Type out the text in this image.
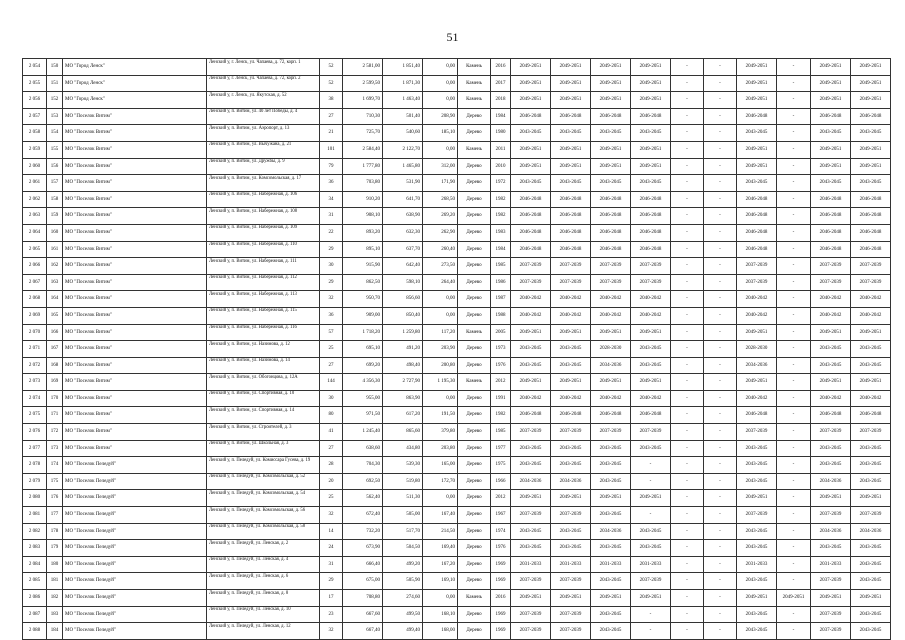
51
2 054	150	МО "Город Ленск"	Ленский у, г. Ленск, ул. Чапаева, д. 72, корп. 1	52	2 581,00	1 851,40	0,00	Камень	2016	2049-2051	2049-2051	2049-2051	2049-2051	-	-	2049-2051	-	2049-2051	2049-2051
2 055	151	МО "Город Ленск"	Ленский у, г. Ленск, ул. Чапаева, д. 72, корп. 2	52	2 599,50	1 871,30	0,00	Камень	2017	2049-2051	2049-2051	2049-2051	2049-2051	-	-	2049-2051	-	2049-2051	2049-2051
2 056	152	МО "Город Ленск"	Ленский у, г. Ленск, ул. Якутская, д. 52	38	1 699,70	1 463,40	0,00	Камень	2018	2049-2051	2049-2051	2049-2051	2049-2051	-	-	2049-2051	-	2049-2051	2049-2051
2 057	153	МО "Поселок Витим"	Ленский у, п. Витим, ул. 40 лет Победы, д. 4	27	710,30	501,40	208,90	Дерево	1984	2046-2048	2046-2048	2046-2048	2046-2048	-	-	2046-2048	-	2046-2048	2046-2048
2 058	154	МО "Поселок Витим"	Ленский у, п. Витим, ул. Аэропорт, д. 13	21	725,70	540,60	185,10	Дерево	1980	2043-2045	2043-2045	2043-2045	2043-2045	-	-	2043-2045	-	2043-2045	2043-2045
2 059	155	МО "Поселок Витим"	Ленский у, п. Витим, ул. Вычужана, д. 21	101	2 584,40	2 122,70	0,00	Камень	2011	2049-2051	2049-2051	2049-2051	2049-2051	-	-	2049-2051	-	2049-2051	2049-2051
2 060	156	МО "Поселок Витим"	Ленский у, п. Витим, ул. Дружбы, д. 9	79	1 777,80	1 465,80	312,00	Дерево	2010	2049-2051	2049-2051	2049-2051	2049-2051	-	-	2049-2051	-	2049-2051	2049-2051
2 061	157	МО "Поселок Витим"	Ленский у, п. Витим, ул. Комсомольская, д. 17	36	703,80	531,90	171,90	Дерево	1972	2043-2045	2043-2045	2043-2045	2043-2045	-	-	2043-2045	-	2043-2045	2043-2045
2 062	158	МО "Поселок Витим"	Ленский у, п. Витим, ул. Набережная, д. 106	34	910,20	641,70	268,50	Дерево	1982	2046-2048	2046-2048	2046-2048	2046-2048	-	-	2046-2048	-	2046-2048	2046-2048
2 063	159	МО "Поселок Витим"	Ленский у, п. Витим, ул. Набережная, д. 108	31	908,10	638,90	269,20	Дерево	1982	2046-2048	2046-2048	2046-2048	2046-2048	-	-	2046-2048	-	2046-2048	2046-2048
2 064	160	МО "Поселок Витим"	Ленский у, п. Витим, ул. Набережная, д. 109	22	893,20	632,30	262,90	Дерево	1983	2046-2048	2046-2048	2046-2048	2046-2048	-	-	2046-2048	-	2046-2048	2046-2048
2 065	161	МО "Поселок Витим"	Ленский у, п. Витим, ул. Набережная, д. 110	29	895,10	637,70	260,40	Дерево	1984	2046-2048	2046-2048	2046-2048	2046-2048	-	-	2046-2048	-	2046-2048	2046-2048
2 066	162	МО "Поселок Витим"	Ленский у, п. Витим, ул. Набережная, д. 111	30	915,90	642,40	273,50	Дерево	1985	2037-2039	2037-2039	2037-2039	2037-2039	-	-	2037-2039	-	2037-2039	2037-2039
2 067	163	МО "Поселок Витим"	Ленский у, п. Витим, ул. Набережная, д. 112	29	862,50	598,10	264,40	Дерево	1986	2037-2039	2037-2039	2037-2039	2037-2039	-	-	2037-2039	-	2037-2039	2037-2039
2 068	164	МО "Поселок Витим"	Ленский у, п. Витим, ул. Набережная, д. 113	32	950,70	856,60	0,00	Дерево	1987	2040-2042	2040-2042	2040-2042	2040-2042	-	-	2040-2042	-	2040-2042	2040-2042
2 069	165	МО "Поселок Витим"	Ленский у, п. Витим, ул. Набережная, д. 115	36	909,00	850,40	0,00	Дерево	1988	2040-2042	2040-2042	2040-2042	2040-2042	-	-	2040-2042	-	2040-2042	2040-2042
2 070	166	МО "Поселок Витим"	Ленский у, п. Витим, ул. Набережная, д. 116	57	1 718,20	1 259,80	117,20	Камень	2005	2049-2051	2049-2051	2049-2051	2049-2051	-	-	2049-2051	-	2049-2051	2049-2051
2 071	167	МО "Поселок Витим"	Ленский у, п. Витим, ул. Назимова, д. 12	25	695,10	491,20	203,90	Дерево	1973	2043-2045	2043-2045	2028-2030	2043-2045	-	-	2028-2030	-	2043-2045	2043-2045
2 072	168	МО "Поселок Витим"	Ленский у, п. Витим, ул. Назимова, д. 14	27	699,20	498,40	200,80	Дерево	1976	2043-2045	2043-2045	2034-2036	2043-2045	-	-	2034-2036	-	2043-2045	2043-2045
2 073	169	МО "Поселок Витим"	Ленский у, п. Витим, ул. Обогонцова, д. 12А	144	4 356,30	2 727,90	1 195,30	Камень	2012	2049-2051	2049-2051	2049-2051	2049-2051	-	-	2049-2051	-	2049-2051	2049-2051
2 074	170	МО "Поселок Витим"	Ленский у, п. Витим, ул. Спортивная, д. 10	30	955,00	863,90	0,00	Дерево	1991	2040-2042	2040-2042	2040-2042	2040-2042	-	-	2040-2042	-	2040-2042	2040-2042
2 075	171	МО "Поселок Витим"	Ленский у, п. Витим, ул. Спортивная, д. 14	80	971,50	617,20	191,50	Дерево	1982	2046-2048	2046-2048	2046-2048	2046-2048	-	-	2046-2048	-	2046-2048	2046-2048
2 076	172	МО "Поселок Витим"	Ленский у, п. Витим, ул. Строителей, д. 3	41	1 245,40	865,60	379,80	Дерево	1985	2037-2039	2037-2039	2037-2039	2037-2039	-	-	2037-2039	-	2037-2039	2037-2039
2 077	173	МО "Поселок Витим"	Ленский у, п. Витим, ул. Школьная, д. 3	27	638,60	434,80	203,80	Дерево	1977	2043-2045	2043-2045	2043-2045	2043-2045	-	-	2043-2045	-	2043-2045	2043-2045
2 078	174	МО "Поселок Пеледуй"	Ленский у, п. Пеледуй, ул. Комиссара Гусева, д. 19	28	704,30	539,30	165,00	Дерево	1975	2043-2045	2043-2045	2043-2045	-	-	-	2043-2045	-	2043-2045	2043-2045
2 079	175	МО "Поселок Пеледуй"	Ленский у, п. Пеледуй, ул. Комсомольская, д. 52	20	692,50	519,80	172,70	Дерево	1966	2034-2036	2034-2036	2043-2045	-	-	-	2043-2045	-	2034-2036	2043-2045
2 080	176	МО "Поселок Пеледуй"	Ленский у, п. Пеледуй, ул. Комсомольская, д. 54	25	562,40	511,30	0,00	Дерево	2012	2049-2051	2049-2051	2049-2051	2049-2051	-	-	2049-2051	-	2049-2051	2049-2051
2 081	177	МО "Поселок Пеледуй"	Ленский у, п. Пеледуй, ул. Комсомольская, д. 56	32	672,40	505,00	167,40	Дерево	1967	2037-2039	2037-2039	2043-2045	-	-	-	2037-2039	-	2037-2039	2037-2039
2 082	178	МО "Поселок Пеледуй"	Ленский у, п. Пеледуй, ул. Комсомольская, д. 58	14	732,20	517,70	214,50	Дерево	1974	2043-2045	2043-2045	2034-2036	2043-2045	-	-	2043-2045	-	2034-2036	2034-2036
2 083	179	МО "Поселок Пеледуй"	Ленский у, п. Пеледуй, ул. Ленская, д. 2	24	673,90	504,50	169,40	Дерево	1976	2043-2045	2043-2045	2043-2045	2043-2045	-	-	2043-2045	-	2043-2045	2043-2045
2 084	180	МО "Поселок Пеледуй"	Ленский у, п. Пеледуй, ул. Ленская, д. 4	31	666,40	499,20	167,20	Дерево	1969	2031-2033	2031-2033	2031-2033	2031-2033	-	-	2031-2033	-	2031-2033	2043-2045
2 085	181	МО "Поселок Пеледуй"	Ленский у, п. Пеледуй, ул. Ленская, д. 6	29	675,00	505,90	169,10	Дерево	1969	2037-2039	2037-2039	2043-2045	2037-2039	-	-	2043-2045	-	2037-2039	2043-2045
2 086	182	МО "Поселок Пеледуй"	Ленский у, п. Пеледуй, ул. Ленская, д. 8	17	708,80	274,60	0,00	Камень	2016	2049-2051	2049-2051	2049-2051	2049-2051	-	-	2049-2051	2049-2051	2049-2051	2049-2051
2 087	183	МО "Поселок Пеледуй"	Ленский у, п. Пеледуй, ул. Ленская, д. 10	23	667,60	499,50	168,10	Дерево	1969	2037-2039	2037-2039	2043-2045	-	-	-	2043-2045	-	2037-2039	2043-2045
2 088	184	МО "Поселок Пеледуй"	Ленский у, п. Пеледуй, ул. Ленская, д. 12	32	667,40	499,40	168,00	Дерево	1969	2037-2039	2037-2039	2043-2045	-	-	-	2043-2045	-	2037-2039	2043-2045
